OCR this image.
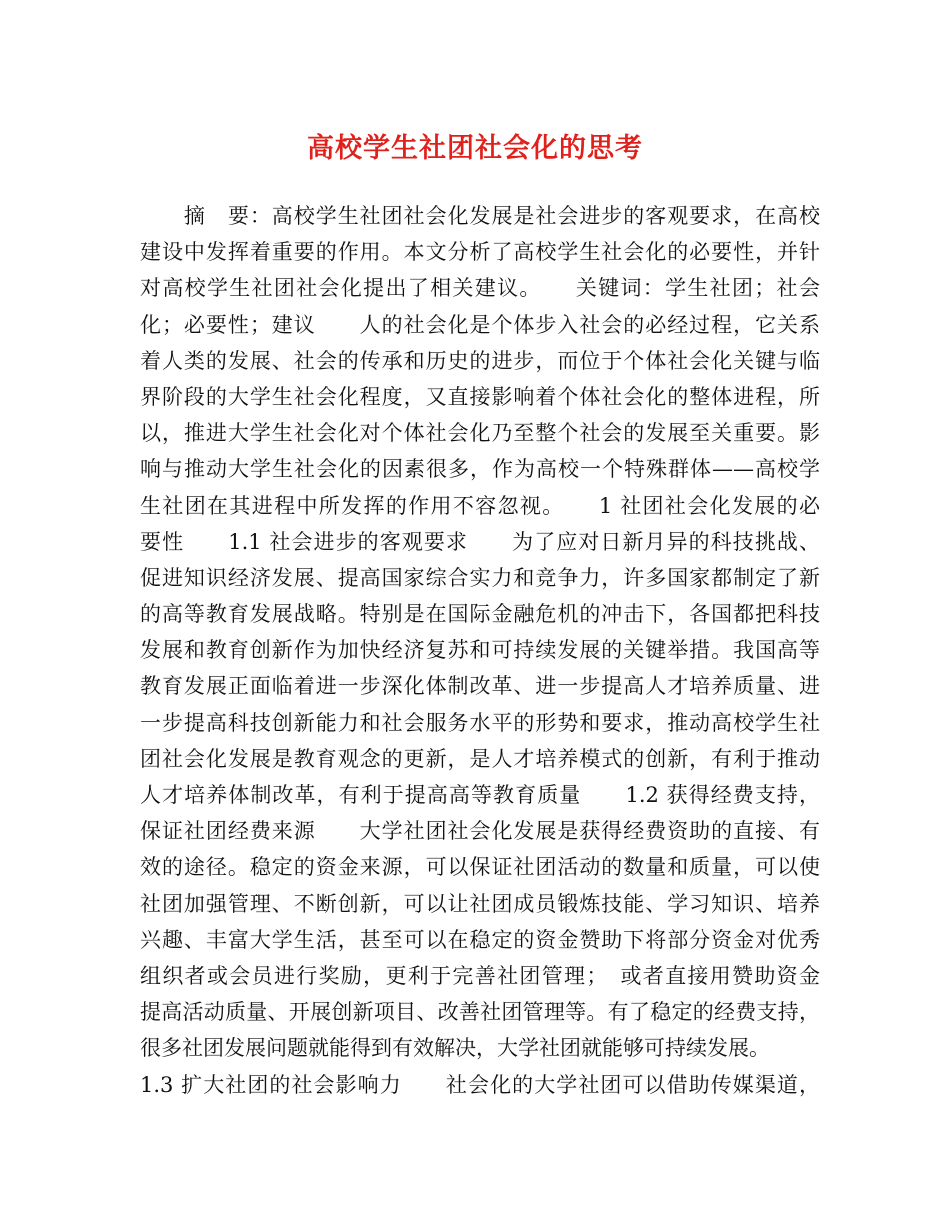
高校学生社团社会化的思考
　　摘　要：高校学生社团社会化发展是社会进步的客观要求，在高校
建设中发挥着重要的作用。本文分析了高校学生社会化的必要性，并针
对高校学生社团社会化提出了相关建议。　　关键词：学生社团；社会
化；必要性；建议　　人的社会化是个体步入社会的必经过程，它关系
着人类的发展、社会的传承和历史的进步，而位于个体社会化关键与临
界阶段的大学生社会化程度，又直接影响着个体社会化的整体进程，所
以，推进大学生社会化对个体社会化乃至整个社会的发展至关重要。影
响与推动大学生社会化的因素很多，作为高校一个特殊群体——高校学
生社团在其进程中所发挥的作用不容忽视。　　1 社团社会化发展的必
要性　　1.1 社会进步的客观要求　　为了应对日新月异的科技挑战、
促进知识经济发展、提高国家综合实力和竞争力，许多国家都制定了新
的高等教育发展战略。特别是在国际金融危机的冲击下，各国都把科技
发展和教育创新作为加快经济复苏和可持续发展的关键举措。我国高等
教育发展正面临着进一步深化体制改革、进一步提高人才培养质量、进
一步提高科技创新能力和社会服务水平的形势和要求，推动高校学生社
团社会化发展是教育观念的更新，是人才培养模式的创新，有利于推动
人才培养体制改革，有利于提高高等教育质量　　1.2 获得经费支持，
保证社团经费来源　　大学社团社会化发展是获得经费资助的直接、有
效的途径。稳定的资金来源，可以保证社团活动的数量和质量，可以使
社团加强管理、不断创新，可以让社团成员锻炼技能、学习知识、培养
兴趣、丰富大学生活，甚至可以在稳定的资金赞助下将部分资金对优秀
组织者或会员进行奖励，更利于完善社团管理；　或者直接用赞助资金
提高活动质量、开展创新项目、改善社团管理等。有了稳定的经费支持，
很多社团发展问题就能得到有效解决，大学社团就能够可持续发展。
1.3 扩大社团的社会影响力　　社会化的大学社团可以借助传媒渠道，
